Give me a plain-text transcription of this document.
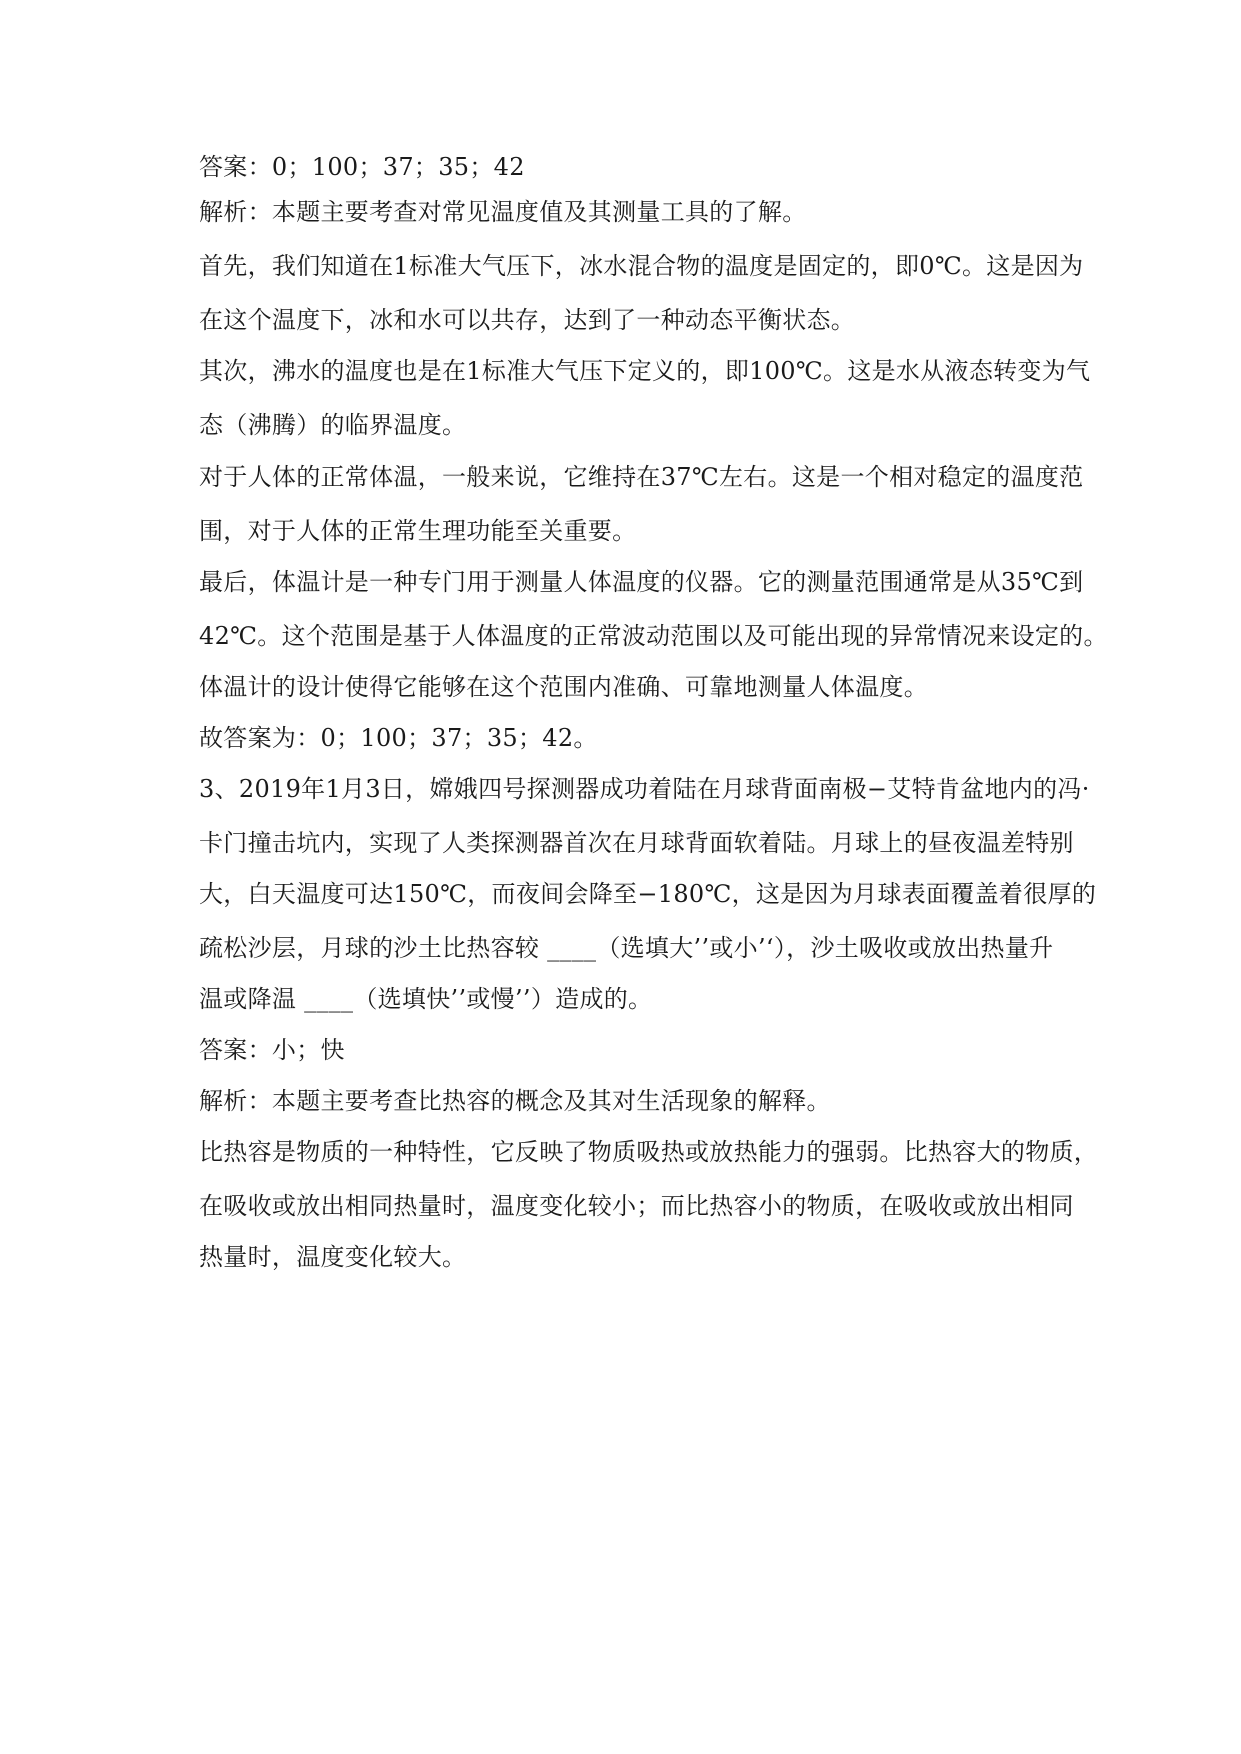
答案：0；100；37；35；42
解析：本题主要考查对常见温度值及其测量工具的了解。
首先，我们知道在1标准大气压下，冰水混合物的温度是固定的，即0℃。这是因为
在这个温度下，冰和水可以共存，达到了一种动态平衡状态。
其次，沸水的温度也是在1标准大气压下定义的，即100℃。这是水从液态转变为气
态（沸腾）的临界温度。
对于人体的正常体温，一般来说，它维持在37℃左右。这是一个相对稳定的温度范
围，对于人体的正常生理功能至关重要。
最后，体温计是一种专门用于测量人体温度的仪器。它的测量范围通常是从35℃到
42℃。这个范围是基于人体温度的正常波动范围以及可能出现的异常情况来设定的。
体温计的设计使得它能够在这个范围内准确、可靠地测量人体温度。
故答案为：0；100；37；35；42。
3、2019年1月3日，嫦娥四号探测器成功着陆在月球背面南极−艾特肯盆地内的冯·
卡门撞击坑内，实现了人类探测器首次在月球背面软着陆。月球上的昼夜温差特别
大，白天温度可达150℃，而夜间会降至−180℃，这是因为月球表面覆盖着很厚的
疏松沙层，月球的沙土比热容较 ____（选填大’’或小’‘），沙土吸收或放出热量升
温或降温 ____（选填快’’或慢’’）造成的。
答案：小；快
解析：本题主要考查比热容的概念及其对生活现象的解释。
比热容是物质的一种特性，它反映了物质吸热或放热能力的强弱。比热容大的物质，
在吸收或放出相同热量时，温度变化较小；而比热容小的物质，在吸收或放出相同
热量时，温度变化较大。
